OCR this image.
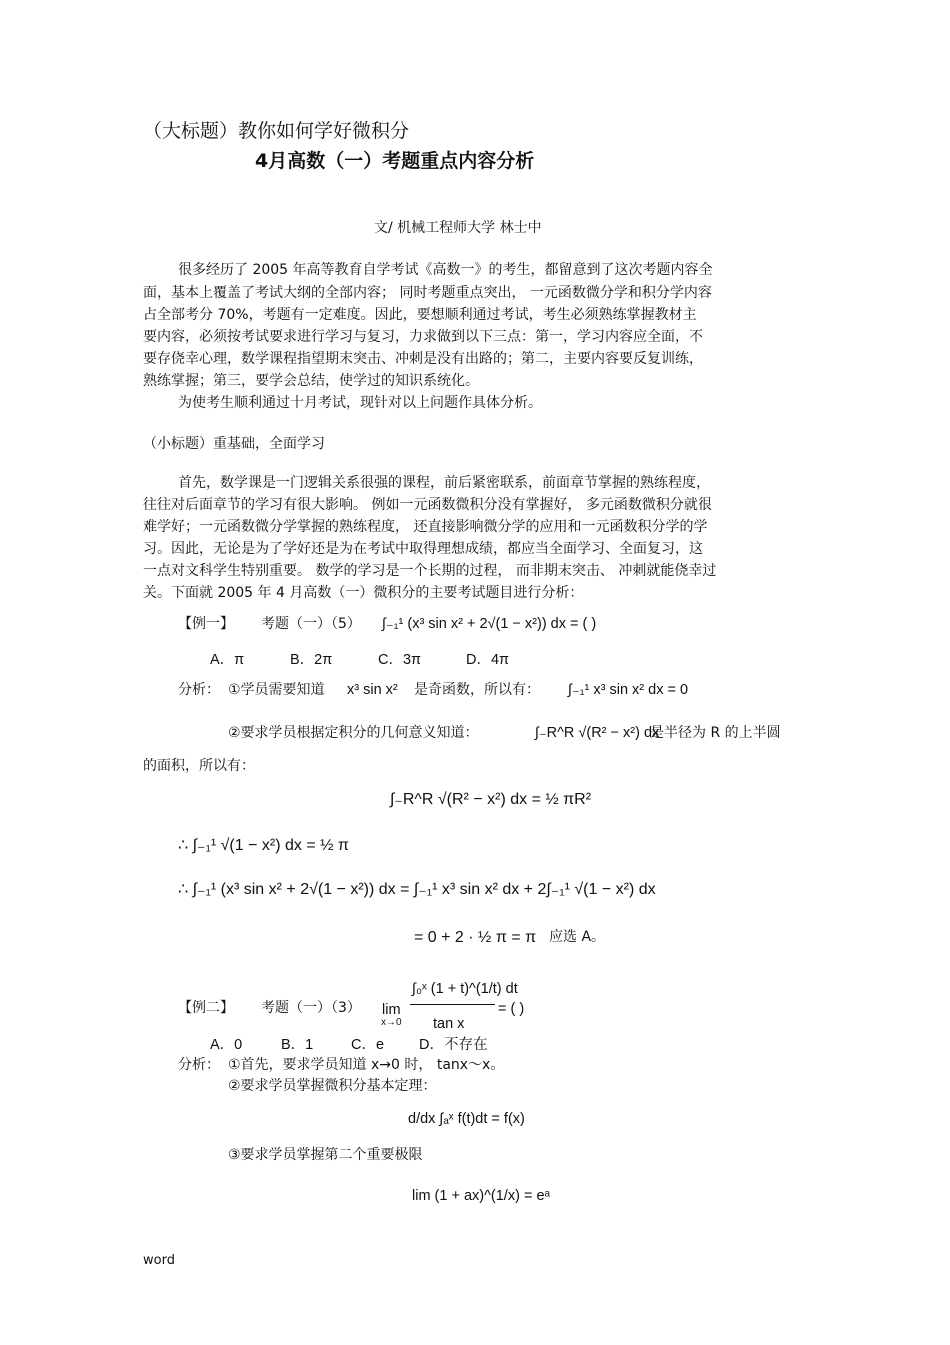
（大标题）教你如何学好微积分
4月高数（一）考题重点内容分析
文/ 机械工程师大学 林士中
很多经历了 2005 年高等教育自学考试《高数一》的考生，都留意到了这次考题内容全
面，基本上覆盖了考试大纲的全部内容； 同时考题重点突出， 一元函数微分学和积分学内容
占全部考分 70%，考题有一定难度。因此，要想顺利通过考试，考生必须熟练掌握教材主
要内容，必须按考试要求进行学习与复习，力求做到以下三点：第一，学习内容应全面，不
要存侥幸心理，数学课程指望期末突击、冲刺是没有出路的；第二，主要内容要反复训练，
熟练掌握；第三，要学会总结，使学过的知识系统化。
为使考生顺利通过十月考试，现针对以上问题作具体分析。
（小标题）重基础，全面学习
首先，数学课是一门逻辑关系很强的课程，前后紧密联系，前面章节掌握的熟练程度，
往往对后面章节的学习有很大影响。 例如一元函数微积分没有掌握好， 多元函数微积分就很
难学好；一元函数微分学掌握的熟练程度， 还直接影响微分学的应用和一元函数积分学的学
习。因此，无论是为了学好还是为在考试中取得理想成绩，都应当全面学习、全面复习，这
一点对文科学生特别重要。 数学的学习是一个长期的过程， 而非期末突击、 冲刺就能侥幸过
关。下面就 2005 年 4 月高数（一）微积分的主要考试题目进行分析：
【例一】 考题（一）（5） ∫₋₁¹ (x³ sin x² + 2√(1 − x²)) dx = ( )
A．π	B．2π	C．3π	D．4π
分析： ①学员需要知道 x³ sin x² 是奇函数，所以有： ∫₋₁¹ x³ sin x² dx = 0
②要求学员根据定积分的几何意义知道：	∫₋R^R √(R² − x²) dx
是半径为 R 的上半圆
的面积，所以有：
∫₋R^R √(R² − x²) dx = ½ πR²
∴ ∫₋₁¹ √(1 − x²) dx = ½ π
∴ ∫₋₁¹ (x³ sin x² + 2√(1 − x²)) dx = ∫₋₁¹ x³ sin x² dx + 2∫₋₁¹ √(1 − x²) dx
= 0 + 2 · ½ π = π 应选 A。
【例二】 考题（一）（3） lim
x→0
∫₀ˣ (1 + t)^(1/t) dt
tan x
= ( )
A．0	B．1	C．e D．不存在
分析： ①首先，要求学员知道 x→0 时， tanx～x。
②要求学员掌握微积分基本定理：
d/dx ∫ₐˣ f(t)dt = f(x)
③要求学员掌握第二个重要极限
lim (1 + ax)^(1/x) = eᵃ
word
